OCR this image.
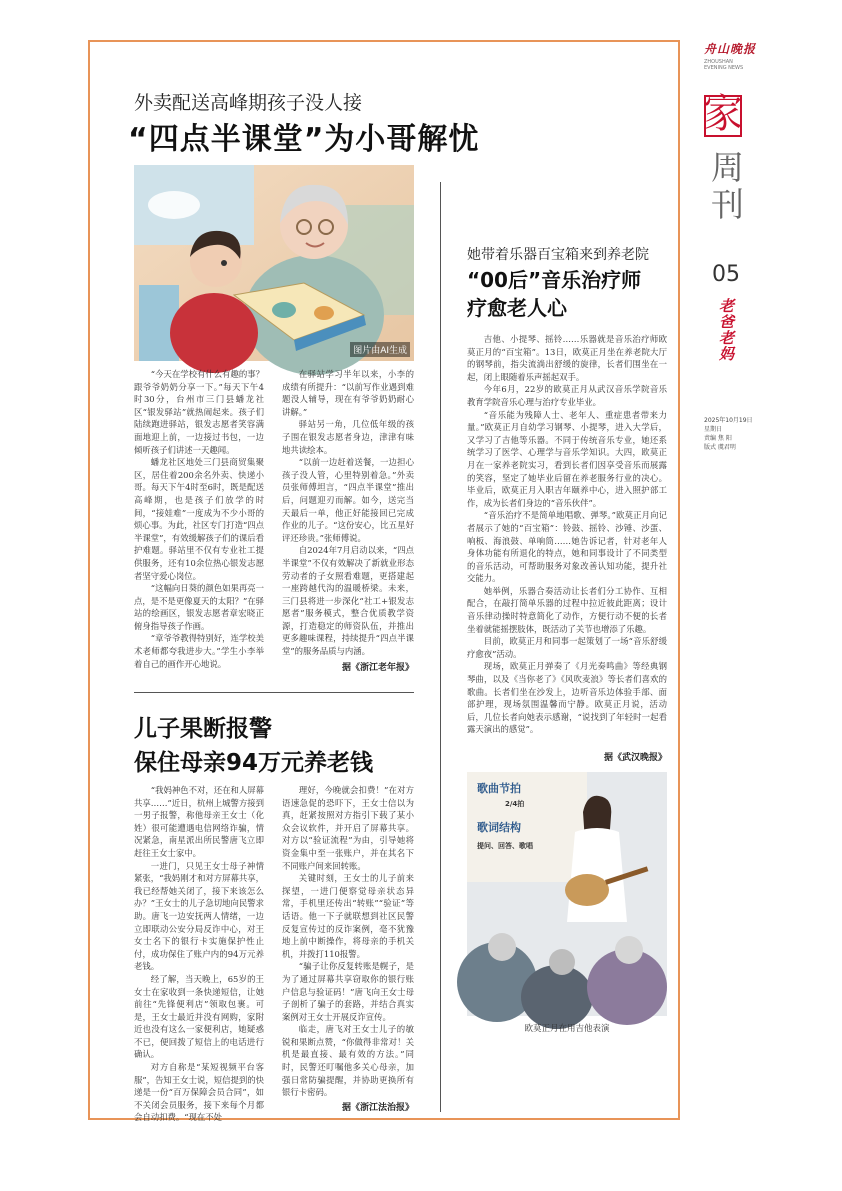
舟山晚报
ZHOUSHAN
EVENING NEWS
家
周刊
05
老爸老妈
2025年10月19日
星期日
责编 焦 阳
版式 虞君明
外卖配送高峰期孩子没人接
“四点半课堂”为小哥解忧
图片由AI生成

“今天在学校有什么有趣的事？跟爷爷奶奶分享一下。”每天下午4时30分，台州市三门县蟠龙社区“银发驿站”就热闹起来。孩子们陆续跑进驿站，银发志愿者笑容满面地迎上前，一边接过书包，一边倾听孩子们讲述一天趣闻。

蟠龙社区地处三门县商贸集聚区，居住着200余名外卖、快递小哥。每天下午4时至6时，既是配送高峰期，也是孩子们放学的时间，“接娃难”一度成为不少小哥的烦心事。为此，社区专门打造“四点半课堂”，有效缓解孩子们的课后看护难题。驿站里不仅有专业社工提供服务，还有10余位热心银发志愿者坚守爱心岗位。

“这幅向日葵的颜色如果再亮一点，是不是更像夏天的太阳？”在驿站的绘画区，银发志愿者章宏晓正俯身指导孩子作画。

“章爷爷教得特别好，连学校美术老师都夸我进步大。”学生小李举着自己的画作开心地说。

在驿站学习半年以来，小李的成绩有所提升：“以前写作业遇到难题没人辅导，现在有爷爷奶奶耐心讲解。”

驿站另一角，几位低年级的孩子围在银发志愿者身边，津津有味地共读绘本。

“以前一边赶着送餐，一边担心孩子没人管，心里特别着急。”外卖员张师傅坦言，“四点半课堂”推出后，问题迎刃而解。如今，送完当天最后一单，他正好能接回已完成作业的儿子。“这份安心，比五星好评还珍贵。”张师傅说。

自2024年7月启动以来，“四点半课堂”不仅有效解决了新就业形态劳动者的子女照看难题，更搭建起一座跨越代沟的温暖桥梁。未来，三门县将进一步深化“社工+银发志愿者”服务模式，整合优质教学资源，打造稳定的师资队伍，并推出更多趣味课程，持续提升“四点半课堂”的服务品质与内涵。

据《浙江老年报》
儿子果断报警
保住母亲94万元养老钱

“我妈神色不对，还在和人屏幕共享……”近日，杭州上城警方接到一男子报警，称他母亲王女士（化姓）很可能遭遇电信网络诈骗，情况紧急，南星派出所民警唐飞立即赶往王女士家中。

一进门，只见王女士母子神情紧张，“我妈刚才和对方屏幕共享，我已经帮她关闭了，接下来该怎么办？”王女士的儿子急切地向民警求助。唐飞一边安抚两人情绪，一边立即联动公安分局反诈中心，对王女士名下的银行卡实施保护性止付，成功保住了账户内的94万元养老钱。

经了解，当天晚上，65岁的王女士在家收到一条快递短信，让她前往“先锋便利店”领取包裹。可是，王女士最近并没有网购，家附近也没有这么一家便利店，她疑惑不已，便回拨了短信上的电话进行确认。

对方自称是“某短视频平台客服”，告知王女士说，短信提到的快递是一份“百万保障会员合同”，如不关闭会员服务，接下来每个月都会自动扣费。“现在不处

理好，今晚就会扣费！”在对方语速急促的恐吓下，王女士信以为真，赶紧按照对方指引下载了某小众会议软件，并开启了屏幕共享。对方以“验证流程”为由，引导她将资金集中至一张账户，并在其名下不同账户间来回转账。

关键时刻，王女士的儿子前来探望，一进门便察觉母亲状态异常，手机里还传出“转账”“验证”等话语。他一下子就联想到社区民警反复宣传过的反诈案例，毫不犹豫地上前中断操作，将母亲的手机关机，并拨打110报警。

“骗子让你反复转账是幌子，是为了通过屏幕共享窃取你的银行账户信息与验证码！”唐飞向王女士母子剖析了骗子的套路，并结合真实案例对王女士开展反诈宣传。

临走，唐飞对王女士儿子的敏锐和果断点赞，“你做得非常对！关机是最直接、最有效的方法。”同时，民警还叮嘱他多关心母亲，加强日常防骗提醒，并协助更换所有银行卡密码。

据《浙江法治报》
她带着乐器百宝箱来到养老院
“00后”音乐治疗师
疗愈老人心

吉他、小提琴、摇铃……乐器就是音乐治疗师欧莫正月的“百宝箱”。13日，欧莫正月坐在养老院大厅的钢琴前，指尖流淌出舒缓的旋律，长者们围坐在一起，闭上眼随着乐声摇起双手。

今年6月，22岁的欧莫正月从武汉音乐学院音乐教育学院音乐心理与治疗专业毕业。

“音乐能为残障人士、老年人、重症患者带来力量。”欧莫正月自幼学习钢琴、小提琴，进入大学后，又学习了吉他等乐器。不同于传统音乐专业，她还系统学习了医学、心理学与音乐学知识。大四，欧莫正月在一家养老院实习，看到长者们因享受音乐而展露的笑容，坚定了她毕业后留在养老服务行业的决心。毕业后，欧莫正月入职吉年颐养中心，进入照护部工作，成为长者们身边的“音乐伙伴”。

“音乐治疗不是简单地唱歌、弹琴。”欧莫正月向记者展示了她的“百宝箱”：铃鼓、摇铃、沙锤、沙蛋、响板、海浪鼓、单响筒……她告诉记者，针对老年人身体功能有所退化的特点，她和同事设计了不同类型的音乐活动，可帮助服务对象改善认知功能，提升社交能力。

她举例，乐器合奏活动让长者们分工协作、互相配合，在敲打简单乐器的过程中拉近彼此距离；设计音乐律动操时特意简化了动作，方便行动不便的长者坐着就能摇摆肢体，既活动了关节也增添了乐趣。

目前，欧莫正月和同事一起策划了一场“音乐舒缓疗愈夜”活动。

现场，欧莫正月弹奏了《月光奏鸣曲》等经典钢琴曲，以及《当你老了》《风吹麦浪》等长者们喜欢的歌曲。长者们坐在沙发上，边听音乐边体验手部、面部护理，现场氛围温馨而宁静。欧莫正月说，活动后，几位长者向她表示感谢，“说找到了年轻时一起看露天演出的感觉”。

据《武汉晚报》
歌曲节拍
2/4拍
歌词结构
提问、回答、歌唱
欧莫正月在用吉他表演
